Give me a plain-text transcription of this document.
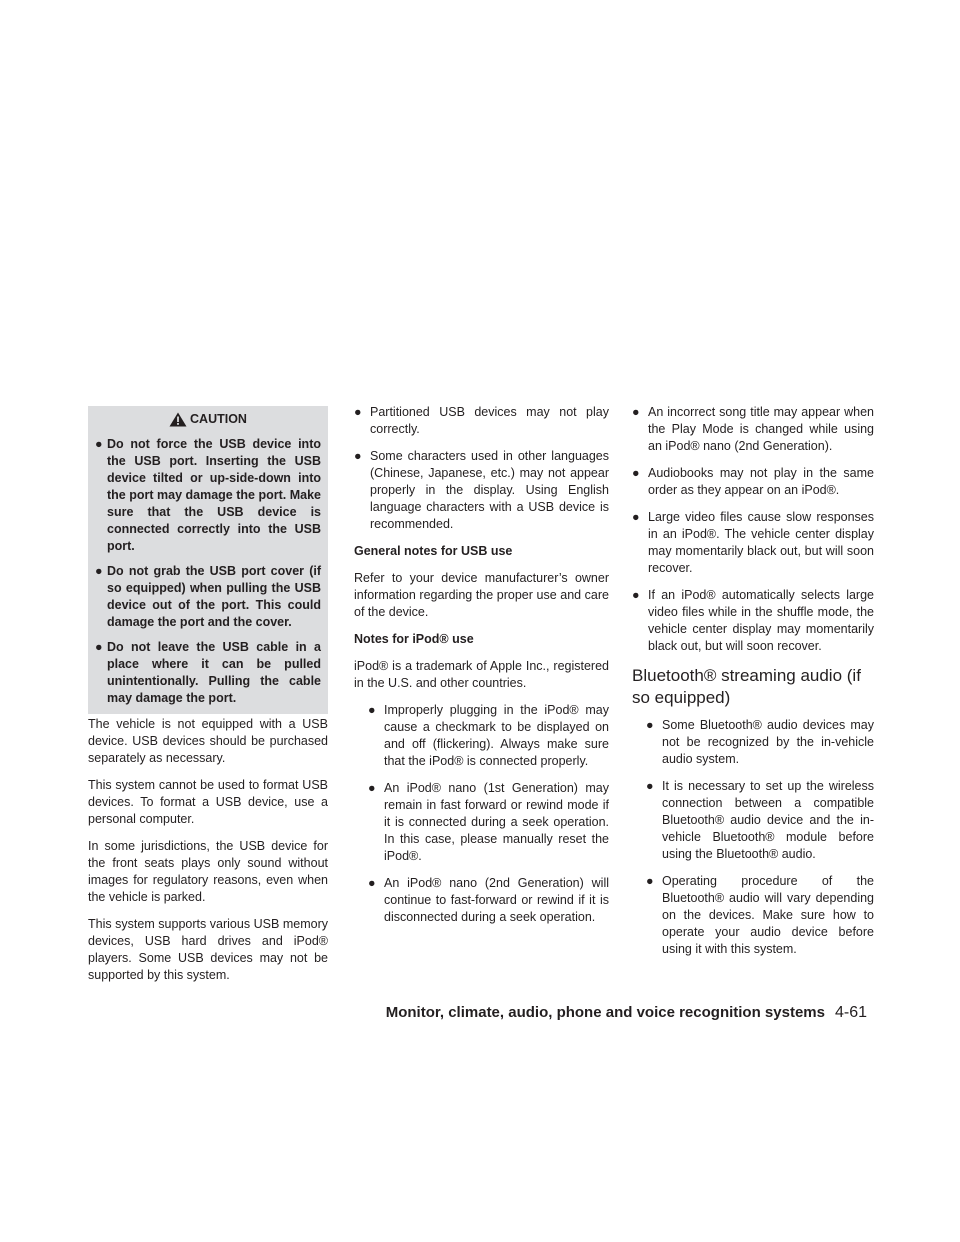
CAUTION
● Do not force the USB device into the USB port. Inserting the USB device tilted or up-side-down into the port may damage the port. Make sure that the USB device is connected correctly into the USB port.
● Do not grab the USB port cover (if so equipped) when pulling the USB device out of the port. This could damage the port and the cover.
● Do not leave the USB cable in a place where it can be pulled unintentionally. Pulling the cable may damage the port.

The vehicle is not equipped with a USB device. USB devices should be purchased separately as necessary.

This system cannot be used to format USB devices. To format a USB device, use a personal computer.

In some jurisdictions, the USB device for the front seats plays only sound without images for regulatory reasons, even when the vehicle is parked.

This system supports various USB memory devices, USB hard drives and iPod® players. Some USB devices may not be supported by this system.

● Partitioned USB devices may not play correctly.
● Some characters used in other languages (Chinese, Japanese, etc.) may not appear properly in the display. Using English language characters with a USB device is recommended.
General notes for USB use

Refer to your device manufacturer’s owner information regarding the proper use and care of the device.

Notes for iPod® use

iPod® is a trademark of Apple Inc., registered in the U.S. and other countries.

● Improperly plugging in the iPod® may cause a checkmark to be displayed on and off (flickering). Always make sure that the iPod® is connected properly.
● An iPod® nano (1st Generation) may remain in fast forward or rewind mode if it is connected during a seek operation. In this case, please manually reset the iPod®.
● An iPod® nano (2nd Generation) will continue to fast-forward or rewind if it is disconnected during a seek operation.
● An incorrect song title may appear when the Play Mode is changed while using an iPod® nano (2nd Generation).
● Audiobooks may not play in the same order as they appear on an iPod®.
● Large video files cause slow responses in an iPod®. The vehicle center display may momentarily black out, but will soon recover.
● If an iPod® automatically selects large video files while in the shuffle mode, the vehicle center display may momentarily black out, but will soon recover.
Bluetooth® streaming audio (if so equipped)
● Some Bluetooth® audio devices may not be recognized by the in-vehicle audio system.
● It is necessary to set up the wireless connection between a compatible Bluetooth® audio device and the in-vehicle Bluetooth® module before using the Bluetooth® audio.
● Operating procedure of the Bluetooth® audio will vary depending on the devices. Make sure how to operate your audio device before using it with this system.
Monitor, climate, audio, phone and voice recognition systems 4-61
